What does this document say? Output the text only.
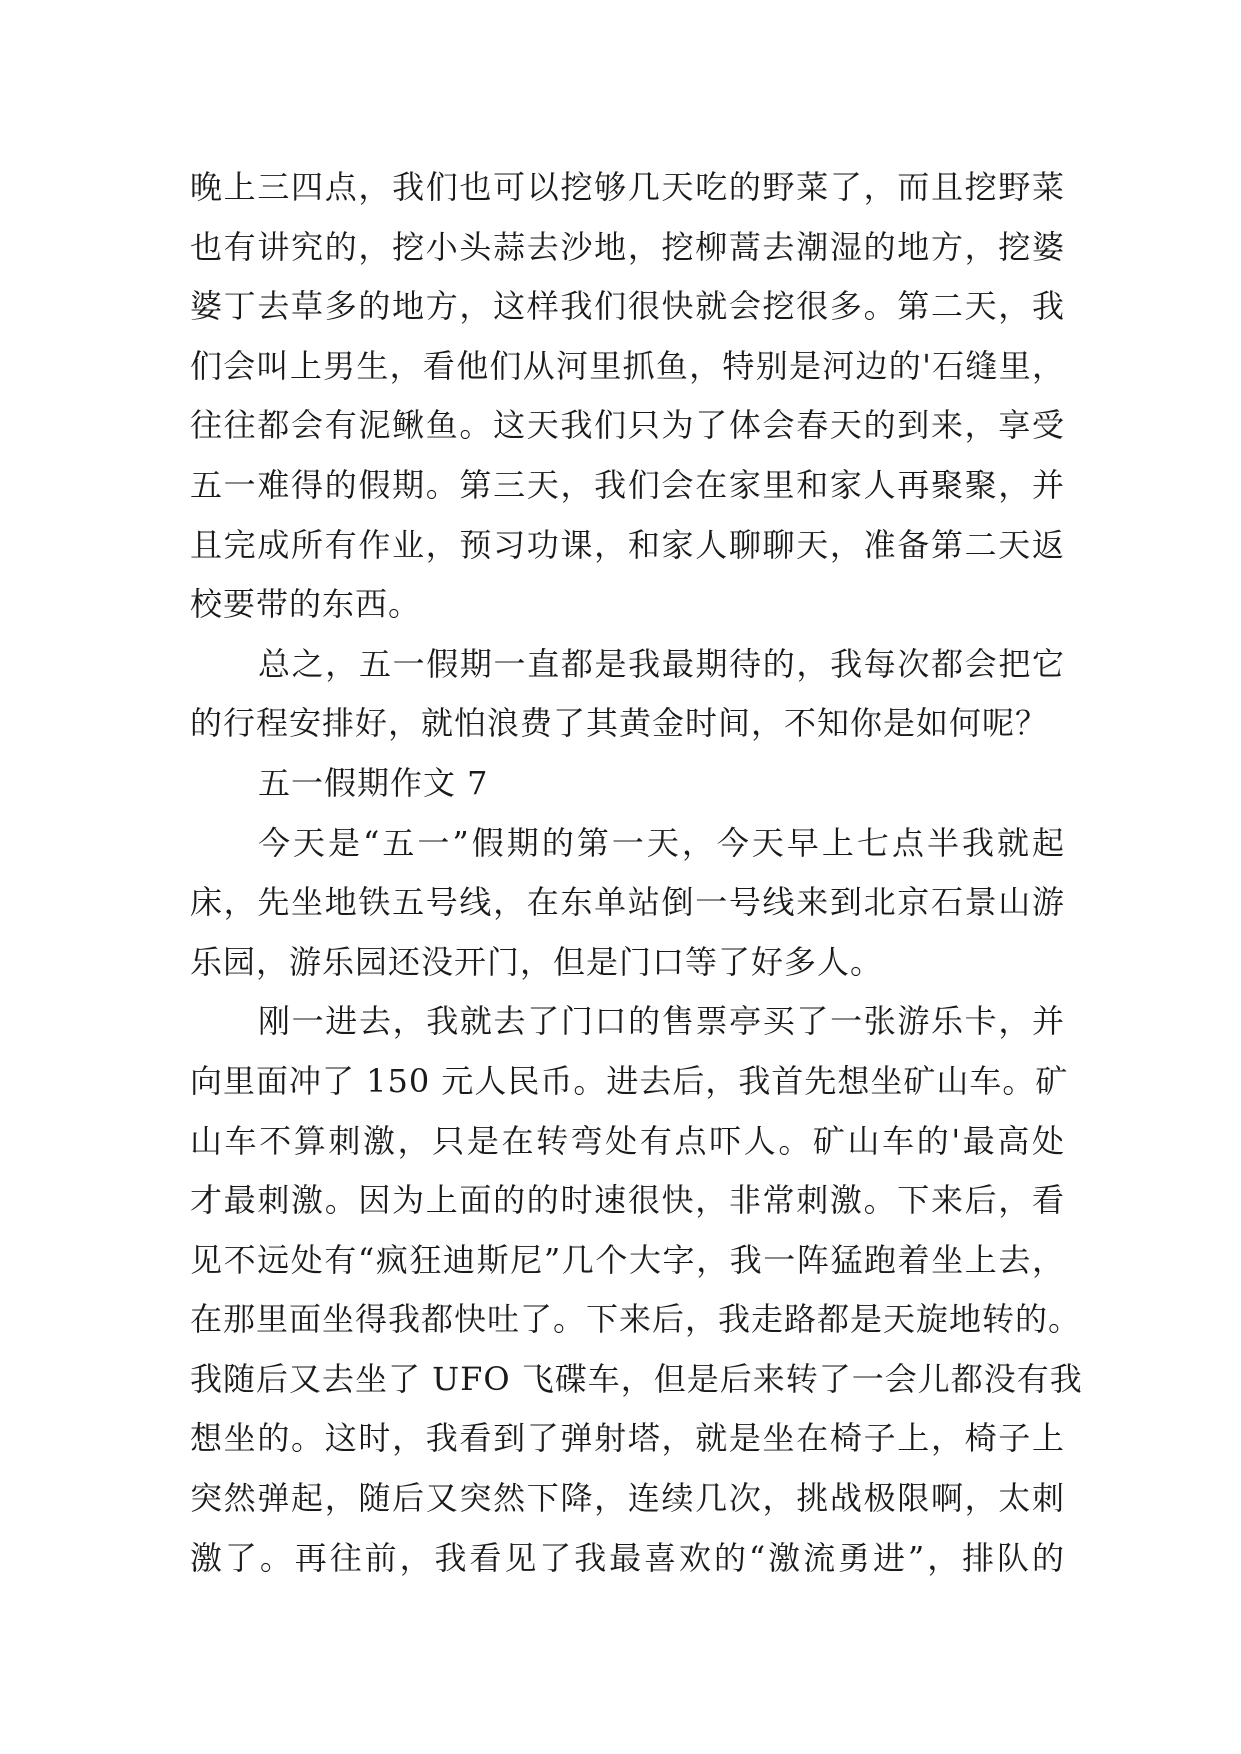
晚上三四点，我们也可以挖够几天吃的野菜了，而且挖野菜
也有讲究的，挖小头蒜去沙地，挖柳蒿去潮湿的地方，挖婆
婆丁去草多的地方，这样我们很快就会挖很多。第二天，我
们会叫上男生，看他们从河里抓鱼，特别是河边的'石缝里，
往往都会有泥鳅鱼。这天我们只为了体会春天的到来，享受
五一难得的假期。第三天，我们会在家里和家人再聚聚，并
且完成所有作业，预习功课，和家人聊聊天，准备第二天返
校要带的东西。
总之，五一假期一直都是我最期待的，我每次都会把它
的行程安排好，就怕浪费了其黄金时间，不知你是如何呢？
五一假期作文 7
今天是“五一”假期的第一天，今天早上七点半我就起
床，先坐地铁五号线，在东单站倒一号线来到北京石景山游
乐园，游乐园还没开门，但是门口等了好多人。
刚一进去，我就去了门口的售票亭买了一张游乐卡，并
向里面冲了 150 元人民币。进去后，我首先想坐矿山车。矿
山车不算刺激，只是在转弯处有点吓人。矿山车的'最高处
才最刺激。因为上面的的时速很快，非常刺激。下来后，看
见不远处有“疯狂迪斯尼”几个大字，我一阵猛跑着坐上去，
在那里面坐得我都快吐了。下来后，我走路都是天旋地转的。
我随后又去坐了 UFO 飞碟车，但是后来转了一会儿都没有我
想坐的。这时，我看到了弹射塔，就是坐在椅子上，椅子上
突然弹起，随后又突然下降，连续几次，挑战极限啊，太刺
激了。再往前，我看见了我最喜欢的“激流勇进”，排队的
